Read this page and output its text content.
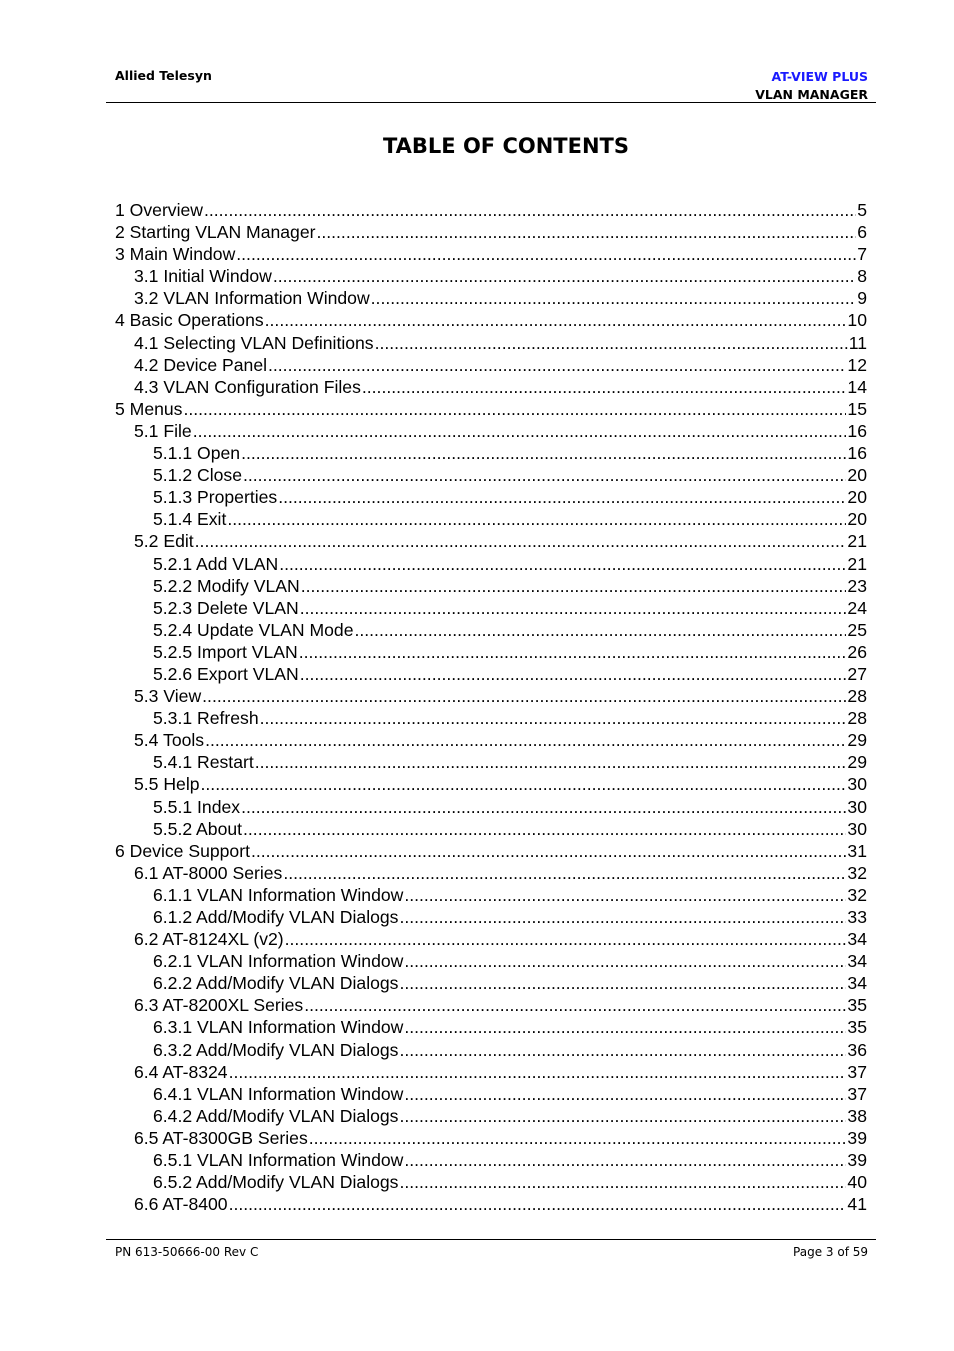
Allied Telesyn	AT-VIEW PLUS
VLAN MANAGER
TABLE OF CONTENTS
1 Overview .....	5
2 Starting VLAN Manager .....	6
3 Main Window .....	7
3.1 Initial Window .....	8
3.2 VLAN Information Window .....	9
4 Basic Operations .....	10
4.1 Selecting VLAN Definitions .....	11
4.2 Device Panel .....	12
4.3 VLAN Configuration Files .....	14
5 Menus .....	15
5.1 File .....	16
5.1.1 Open .....	16
5.1.2 Close .....	20
5.1.3 Properties .....	20
5.1.4 Exit .....	20
5.2 Edit .....	21
5.2.1 Add VLAN .....	21
5.2.2 Modify VLAN .....	23
5.2.3 Delete VLAN .....	24
5.2.4 Update VLAN Mode .....	25
5.2.5 Import VLAN .....	26
5.2.6 Export VLAN .....	27
5.3 View .....	28
5.3.1 Refresh .....	28
5.4 Tools .....	29
5.4.1 Restart .....	29
5.5 Help .....	30
5.5.1 Index .....	30
5.5.2 About .....	30
6 Device Support .....	31
6.1 AT-8000 Series .....	32
6.1.1 VLAN Information Window .....	32
6.1.2 Add/Modify VLAN Dialogs .....	33
6.2 AT-8124XL (v2) .....	34
6.2.1 VLAN Information Window .....	34
6.2.2 Add/Modify VLAN Dialogs .....	34
6.3 AT-8200XL Series .....	35
6.3.1 VLAN Information Window .....	35
6.3.2 Add/Modify VLAN Dialogs .....	36
6.4 AT-8324 .....	37
6.4.1 VLAN Information Window .....	37
6.4.2 Add/Modify VLAN Dialogs .....	38
6.5 AT-8300GB Series .....	39
6.5.1 VLAN Information Window .....	39
6.5.2 Add/Modify VLAN Dialogs .....	40
6.6 AT-8400 .....	41
PN 613-50666-00 Rev C	Page 3 of 59
